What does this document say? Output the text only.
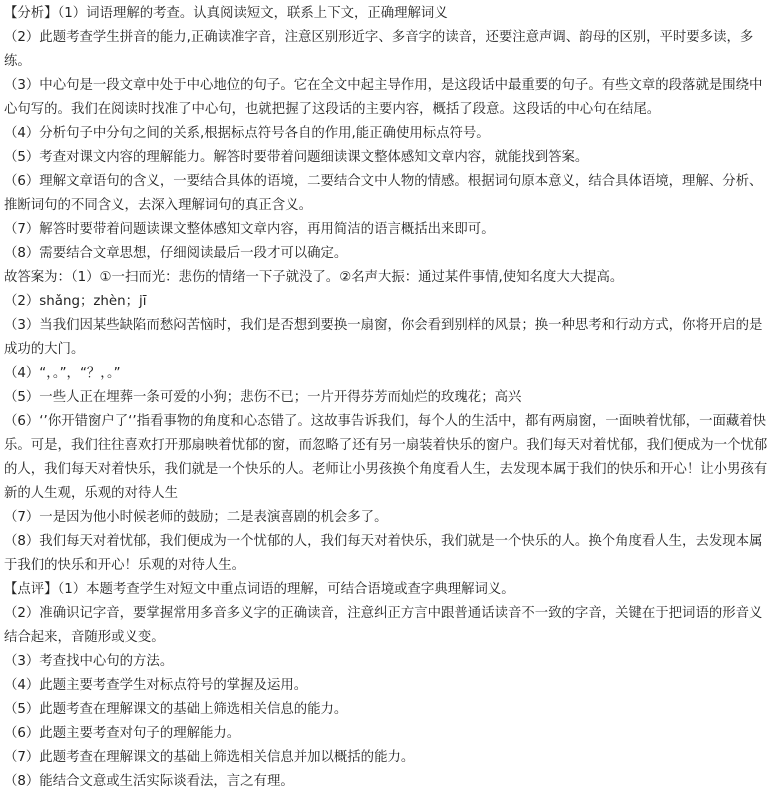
【分析】（1）词语理解的考查。认真阅读短文，联系上下文，正确理解词义

（2）此题考查学生拼音的能力,正确读准字音，注意区别形近字、多音字的读音，还要注意声调、韵母的区别，平时要多读，多练。

（3）中心句是一段文章中处于中心地位的句子。它在全文中起主导作用，是这段话中最重要的句子。有些文章的段落就是围绕中心句写的。我们在阅读时找准了中心句，也就把握了这段话的主要内容，概括了段意。这段话的中心句在结尾。

（4）分析句子中分句之间的关系,根据标点符号各自的作用,能正确使用标点符号。

（5）考查对课文内容的理解能力。解答时要带着问题细读课文整体感知文章内容，就能找到答案。

（6）理解文章语句的含义，一要结合具体的语境，二要结合文中人物的情感。根据词句原本意义，结合具体语境，理解、分析、推断词句的不同含义，去深入理解词句的真正含义。

（7）解答时要带着问题读课文整体感知文章内容，再用简洁的语言概括出来即可。

（8）需要结合文章思想，仔细阅读最后一段才可以确定。

故答案为：（1）①一扫而光：悲伤的情绪一下子就没了。②名声大振：通过某件事情,使知名度大大提高。

（2）shǎng；zhèn；jī

（3）当我们因某些缺陷而愁闷苦恼时，我们是否想到要换一扇窗，你会看到别样的风景；换一种思考和行动方式，你将开启的是成功的大门。

（4）“，。”，“？，。”

（5）一些人正在埋葬一条可爱的小狗；悲伤不已；一片开得芬芳而灿烂的玫瑰花；高兴

（6）‘’你开错窗户了‘’指看事物的角度和心态错了。这故事告诉我们，每个人的生活中，都有两扇窗，一面映着忧郁，一面藏着快乐。可是，我们往往喜欢打开那扇映着忧郁的窗，而忽略了还有另一扇装着快乐的窗户。我们每天对着忧郁，我们便成为一个忧郁的人，我们每天对着快乐，我们就是一个快乐的人。老师让小男孩换个角度看人生，去发现本属于我们的快乐和开心！让小男孩有新的人生观，乐观的对待人生

（7）一是因为他小时候老师的鼓励；二是表演喜剧的机会多了。

（8）我们每天对着忧郁，我们便成为一个忧郁的人，我们每天对着快乐，我们就是一个快乐的人。换个角度看人生，去发现本属于我们的快乐和开心！乐观的对待人生。

【点评】（1）本题考查学生对短文中重点词语的理解，可结合语境或查字典理解词义。

（2）准确识记字音，要掌握常用多音多义字的正确读音，注意纠正方言中跟普通话读音不一致的字音，关键在于把词语的形音义结合起来，音随形或义变。

（3）考查找中心句的方法。

（4）此题主要考查学生对标点符号的掌握及运用。

（5）此题考查在理解课文的基础上筛选相关信息的能力。

（6）此题主要考查对句子的理解能力。

（7）此题考查在理解课文的基础上筛选相关信息并加以概括的能力。

（8）能结合文意或生活实际谈看法，言之有理。
